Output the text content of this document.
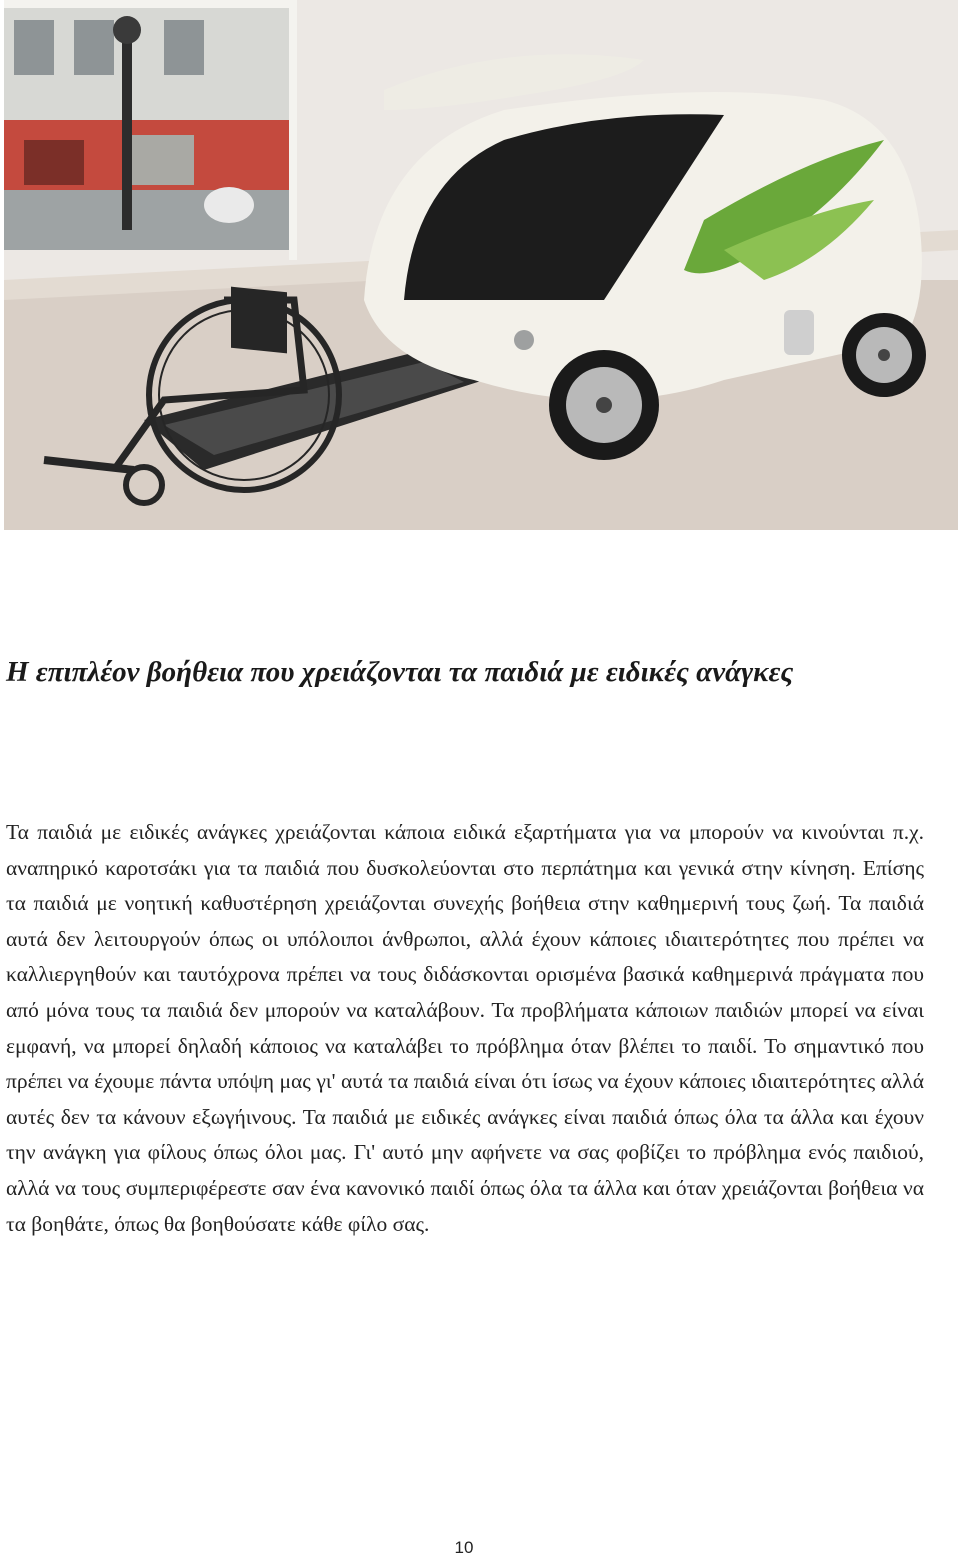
Η επιπλέον βοήθεια που χρειάζονται τα παιδιά με ειδικές ανάγκες

Τα παιδιά με ειδικές ανάγκες χρειάζονται κάποια ειδικά εξαρτήματα για να μπορούν να κινούνται π.χ. αναπηρικό καροτσάκι για τα παιδιά που δυσκολεύονται στο περπάτημα και γενικά στην κίνηση. Επίσης τα παιδιά με νοητική καθυστέρηση χρειάζονται συνεχής βοήθεια στην καθημερινή τους ζωή. Τα παιδιά αυτά δεν λειτουργούν όπως οι υπόλοιποι άνθρωποι, αλλά έχουν κάποιες ιδιαιτερότητες που πρέπει να καλλιεργηθούν και ταυτόχρονα πρέπει να τους διδάσκονται ορισμένα βασικά καθημερινά πράγματα που από μόνα τους τα παιδιά δεν μπορούν να καταλάβουν. Τα προβλήματα κάποιων παιδιών μπορεί να είναι εμφανή, να μπορεί δηλαδή κάποιος να καταλάβει το πρόβλημα όταν βλέπει το παιδί. Το σημαντικό που πρέπει να έχουμε πάντα υπόψη μας γι' αυτά τα παιδιά είναι ότι ίσως να έχουν κάποιες ιδιαιτερότητες αλλά αυτές δεν τα κάνουν εξωγήινους. Τα παιδιά με ειδικές ανάγκες είναι παιδιά όπως όλα τα άλλα και έχουν την ανάγκη για φίλους όπως όλοι μας. Γι' αυτό μην αφήνετε να σας φοβίζει το πρόβλημα ενός παιδιού, αλλά να τους συμπεριφέρεστε σαν ένα κανονικό παιδί όπως όλα τα άλλα και όταν χρειάζονται βοήθεια να τα βοηθάτε, όπως θα βοηθούσατε κάθε φίλο σας.

10
